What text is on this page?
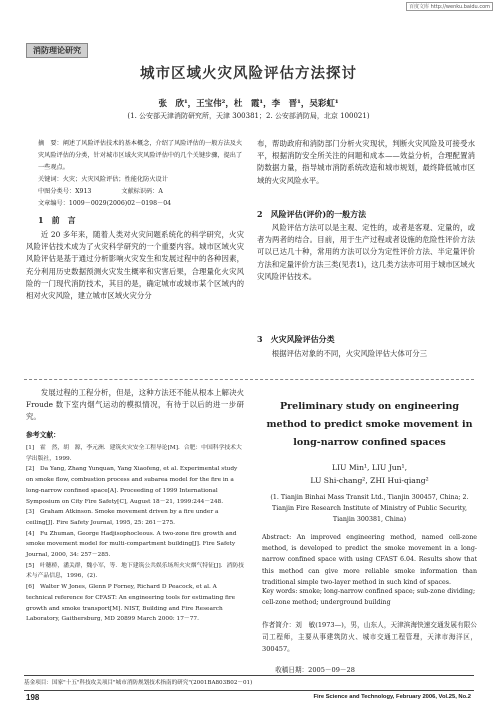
百度文库 http://wenku.baidu.com
消防理论研究
城市区域火灾风险评估方法探讨
张　欣¹，王宝伟²，杜　霞¹，李　晋¹，吴彩虹¹
(1. 公安部天津消防研究所，天津 300381；2. 公安部消防局，北京 100021)
摘　要：阐述了风险评估技术的基本概念，介绍了风险评估的一般方法及火灾风险评估的分类，针对城市区域火灾风险评估中的几个关键步骤，提出了一些观点。
关键词：火灾；火灾风险评估；性能化防火设计
中图分类号：X913	文献标识码：A
文章编号：1009－0029(2006)02－0198－04
1　前　言
近 20 多年来，随着人类对火灾问题系统化的科学研究，火灾风险评估技术成为了火灾科学研究的一个重要内容。城市区域火灾风险评估是基于通过分析影响火灾发生和发展过程中的各种因素，充分利用历史数据预测火灾发生概率和灾害后果，合理量化火灾风险的一门现代消防技术，其目的是，确定城市或城市某个区域内的相对火灾风险，建立城市区域火灾分分
布，帮助政府和消防部门分析火灾现状，判断火灾风险及可接受水平，根据消防安全所关注的问题和成本——效益分析，合理配置消防数据力量，指导城市消防系统改造和城市规划，最终降低城市区域的火灾风险水平。
2　风险评估(评价)的一般方法
风险评估方法可以是主观、定性的，或者是客观、定量的，或者为两者的结合。目前，用于生产过程或者设施的危险性评价方法可以已达几十种，常用的方法可以分为定性评价方法、半定量评价方法和定量评价方法三类(见表1)，这几类方法亦可用于城市区域火灾风险评估技术。
3　火灾风险评估分类
根据评估对象的不同，火灾风险评估大体可分三
发展过程的工程分析，但是，这种方法还不能从根本上解决火 Froude 数下室内烟气运动的模拟情况，有待于以后的进一步研究。
参考文献：
[1]　霍　然，胡　源，李元洲．建筑火灾安全工程导论[M]．合肥：中国科学技术大学出版社，1999.
[2]　Da Yang, Zhang Yunquan, Yang Xiaofeng, et al. Experimental study on smoke flow, combustion process and subarea model for the fire in a long-narrow confined space[A]. Proceeding of 1999 International Symposium on City Fire Safety[C], August 18－21, 1999:244－248.
[3]　Graham Atkinson. Smoke movement driven by a fire under a ceiling[J]. Fire Safety Journal, 1995, 25: 261－275.
[4]　Fu Zhuman, George Hadjisophocleous. A two-zone fire growth and smoke movement model for multi-compartment building[J]. Fire Safety Journal, 2000, 34: 257－285.
[5]　叶穗桥，潘关群，魏小军，等．地下建筑公共娱乐场所火灾烟气特征[J]．消防技术与产品信息，1996，(2).
[6]　Walter W Jones, Glenn P Forney, Richard D Peacock, et al. A technical reference for CFAST: An engineering tools for estimating fire growth and smoke transport[M]. NIST, Building and Fire Research Laboratory, Gaithersburg, MD 20899 March 2000: 17－77.
Preliminary study on engineering method to predict smoke movement in long-narrow confined spaces
LIU Min¹, LIU Jun¹,
LU Shi-chang², ZHI Hui-qiang²
(1. Tianjin Binhai Mass Transit Ltd., Tianjin 300457, China; 2. Tianjin Fire Research Institute of Ministry of Public Security, Tianjin 300381, China)
Abstract: An improved engineering method, named cell-zone method, is developed to predict the smoke movement in a long-narrow confined space with using CFAST 6.04. Results show that this method can give more reliable smoke information than traditional simple two-layer method in such kind of spaces.
Key words: smoke; long-narrow confined space; sub-zone dividing; cell-zone method; underground building
作者简介：刘　敏(1973—)，男，山东人，天津滨海快速交通发展有限公司工程师，主要从事建筑防火、城市交通工程管理，天津市海洋区，300457。
收稿日期：2005－09－28
基金项目：国家"十五"科技攻关项目"城市消防规划技术指南的研究"(2001BA803B02－01)
198	Fire Science and Technology, February 2006, Vol.25, No.2
